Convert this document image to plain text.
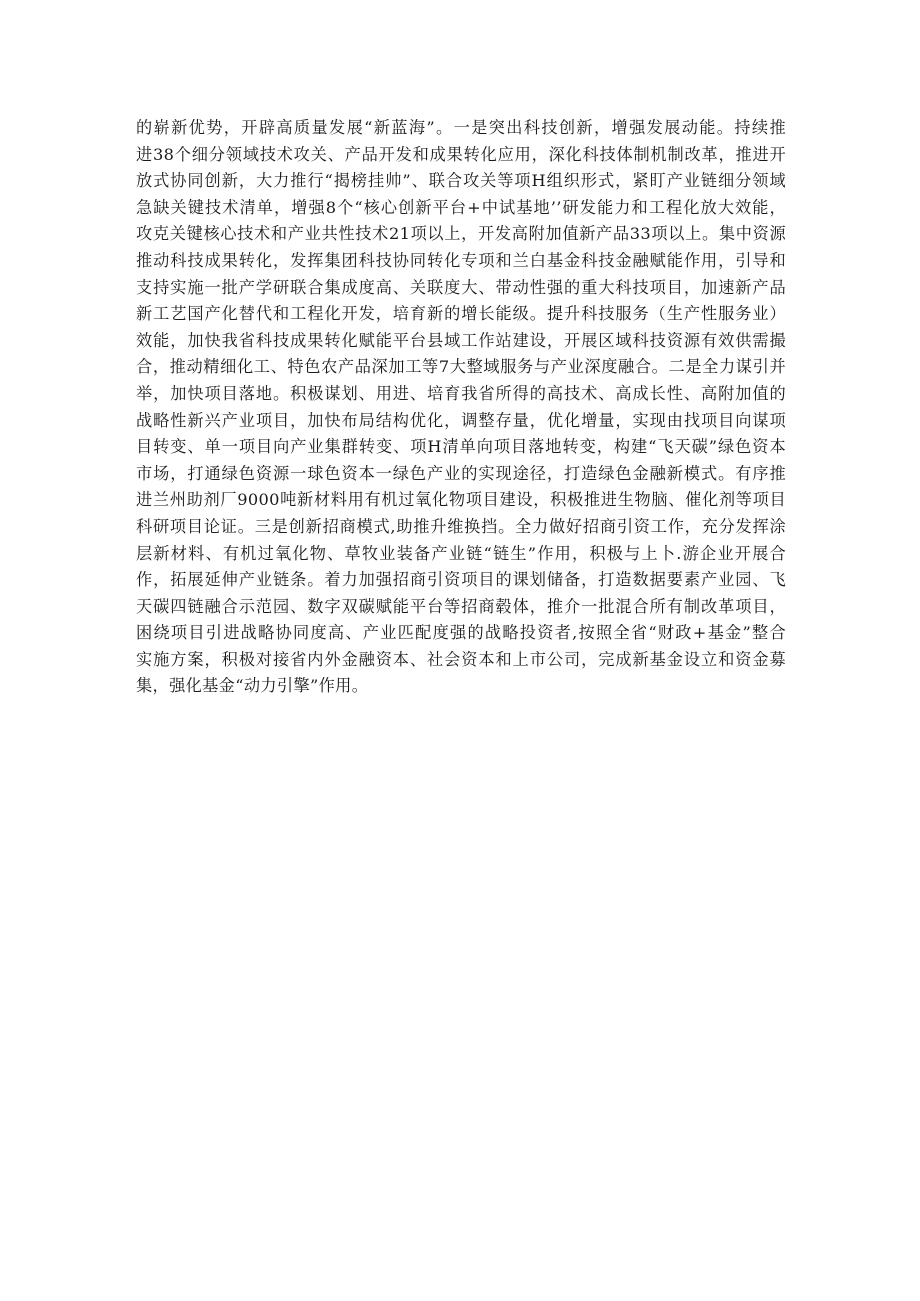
的崭新优势，开辟高质量发展“新蓝海”。一是突出科技创新，增强发展动能。持续推
进38个细分领域技术攻关、产品开发和成果转化应用，深化科技体制机制改革，推进开
放式协同创新，大力推行“揭榜挂帅”、联合攻关等项H组织形式，紧盯产业链细分领域
急缺关键技术清单，增强8个“核心创新平台+中试基地’’研发能力和工程化放大效能，
攻克关键核心技术和产业共性技术21项以上，开发高附加值新产品33项以上。集中资源
推动科技成果转化，发挥集团科技协同转化专项和兰白基金科技金融赋能作用，引导和
支持实施一批产学研联合集成度高、关联度大、带动性强的重大科技项目，加速新产品
新工艺国产化替代和工程化开发，培育新的增长能级。提升科技服务（生产性服务业）
效能，加快我省科技成果转化赋能平台县域工作站建设，开展区域科技资源有效供需撮
合，推动精细化工、特色农产品深加工等7大整域服务与产业深度融合。二是全力谋引并
举，加快项目落地。积极谋划、用进、培育我省所得的高技术、高成长性、高附加值的
战略性新兴产业项目，加快布局结构优化，调整存量，优化增量，实现由找项目向谋项
目转变、单一项目向产业集群转变、项H清单向项目落地转变，构建“飞天碳”绿色资本
市场，打通绿色资源一球色资本一绿色产业的实现途径，打造绿色金融新模式。有序推
进兰州助剂厂9000吨新材料用有机过氧化物项目建设，积极推进生物脑、催化剂等项目
科研项目论证。三是创新招商模式,助推升维换挡。全力做好招商引资工作，充分发挥涂
层新材料、有机过氧化物、草牧业装备产业链“链生”作用，积极与上卜.游企业开展合
作，拓展延伸产业链条。着力加强招商引资项目的课划储备，打造数据要素产业园、飞
天碳四链融合示范园、数字双碳赋能平台等招商毂体，推介一批混合所有制改革项目，
困绕项目引进战略协同度高、产业匹配度强的战略投资者,按照全省“财政+基金”整合
实施方案，积极对接省内外金融资本、社会资本和上市公司，完成新基金设立和资金募
集，强化基金“动力引擎”作用。
